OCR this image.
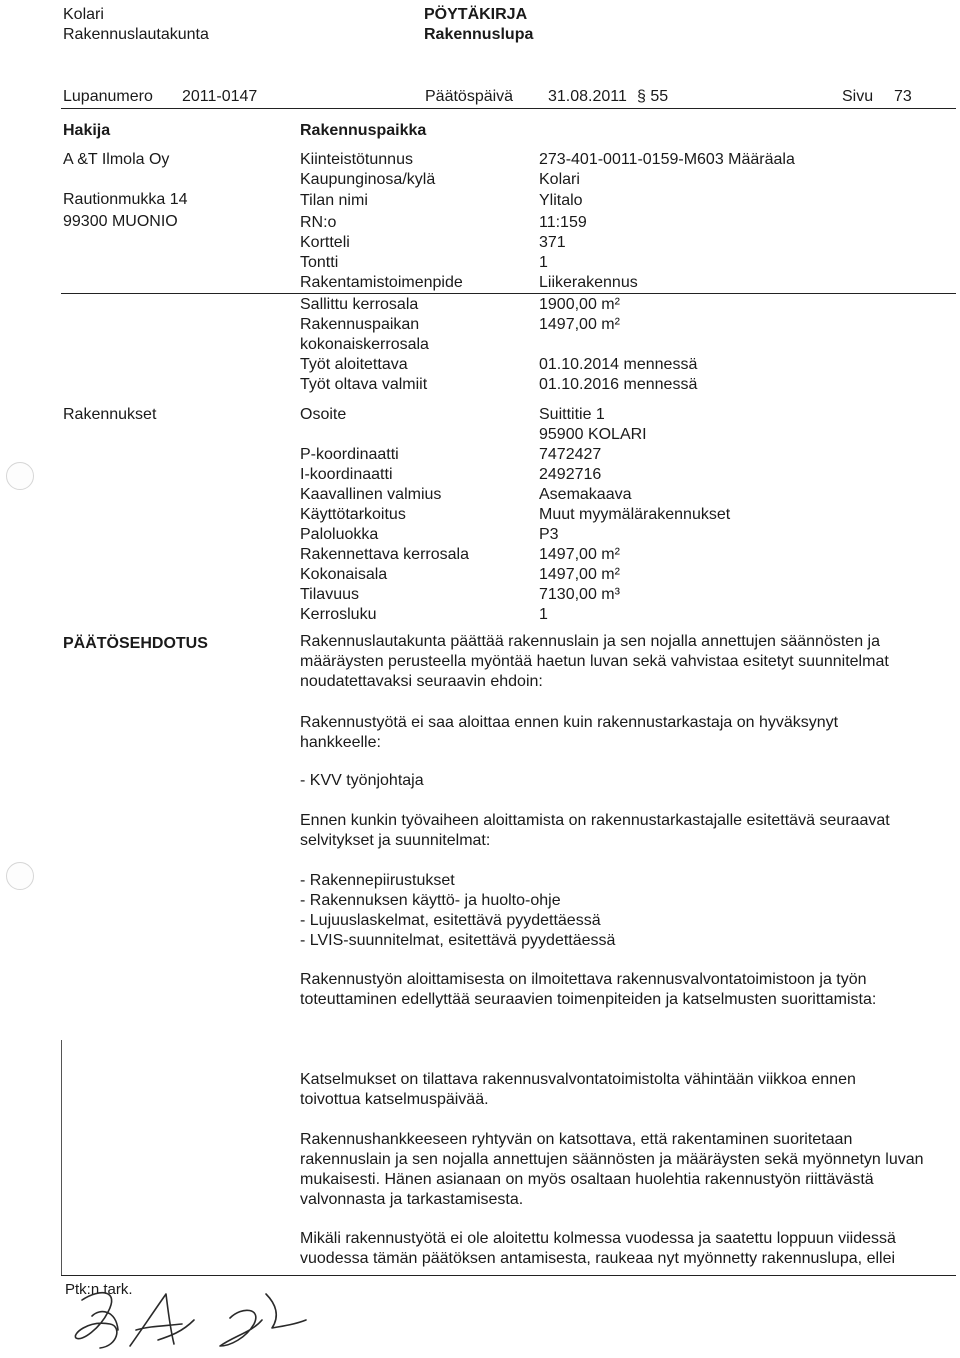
Kolari
Rakennuslautakunta
PÖYTÄKIRJA
Rakennuslupa
Lupanumero 2011-0147	Päätöspäivä 31.08.2011 § 55	Sivu 73
Hakija	Rakennuspaikka
A &T Ilmola Oy
Rautionmukka 14
99300 MUONIO
Kiinteistötunnus	273-401-0011-0159-M603 Määräala
Kaupunginosa/kylä	Kolari
Tilan nimi	Ylitalo
RN:o	11:159
Kortteli	371
Tontti	1
Rakentamistoimenpide	Liikerakennus
Sallittu kerrosala	1900,00 m²
Rakennuspaikan	1497,00 m²
kokonaiskerrosala
Työt aloitettava	01.10.2014 mennessä
Työt oltava valmiit	01.10.2016 mennessä
Rakennukset	Osoite	Suittitie 1
95900 KOLARI
P-koordinaatti	7472427
I-koordinaatti	2492716
Kaavallinen valmius	Asemakaava
Käyttötarkoitus	Muut myymälärakennukset
Paloluokka	P3
Rakennettava kerrosala	1497,00 m²
Kokonaisala	1497,00 m²
Tilavuus	7130,00 m³
Kerrosluku	1
PÄÄTÖSEHDOTUS	Rakennuslautakunta päättää rakennuslain ja sen nojalla annettujen säännösten ja määräysten perusteella myöntää haetun luvan sekä vahvistaa esitetyt suunnitelmat noudatettavaksi seuraavin ehdoin:
Rakennustyötä ei saa aloittaa ennen kuin rakennustarkastaja on hyväksynyt hankkeelle:
- KVV työnjohtaja
Ennen kunkin työvaiheen aloittamista on rakennustarkastajalle esitettävä seuraavat selvitykset ja suunnitelmat:
- Rakennepiirustukset
- Rakennuksen käyttö- ja huolto-ohje
- Lujuuslaskelmat, esitettävä pyydettäessä
- LVIS-suunnitelmat, esitettävä pyydettäessä
Rakennustyön aloittamisesta on ilmoitettava rakennusvalvontatoimistoon ja työn toteuttaminen edellyttää seuraavien toimenpiteiden ja katselmusten suorittamista:
Katselmukset on tilattava rakennusvalvontatoimistolta vähintään viikkoa ennen toivottua katselmuspäivää.
Rakennushankkeeseen ryhtyvän on katsottava, että rakentaminen suoritetaan rakennuslain ja sen nojalla annettujen säännösten ja määräysten sekä myönnetyn luvan mukaisesti. Hänen asianaan on myös osaltaan huolehtia rakennustyön riittävästä valvonnasta ja tarkastamisesta.
Mikäli rakennustyötä ei ole aloitettu kolmessa vuodessa ja saatettu loppuun viidessä vuodessa tämän päätöksen antamisesta, raukeaa nyt myönnetty rakennuslupa, ellei
Ptk:n tark.
